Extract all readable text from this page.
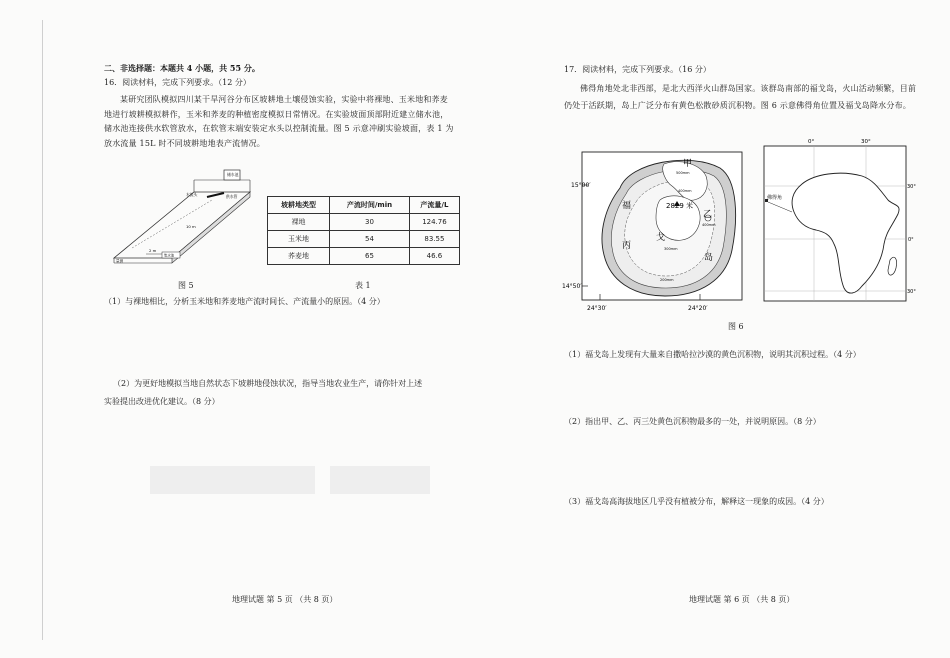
二、非选择题：本题共 4 小题，共 55 分。
16．阅读材料，完成下列要求。（12 分）
某研究团队模拟四川某干旱河谷分布区坡耕地土壤侵蚀实验，实验中将裸地、玉米地和荞麦地进行坡耕模拟耕作，玉米和荞麦的种植密度模拟日常情况。在实验坡面顶部附近建立储水池，储水池连接供水软管放水，在软管末端安装定水头以控制流量。图 5 示意冲刷实验坡面，表 1 为放水流量 15L 时不同坡耕地地表产流情况。
储水池
水流头	供水管
10 m
2 m
集水池
量测
坡耕地类型	产流时间/min	产流量/L
裸地	30	124.76
玉米地	54	83.55
荞麦地	65	46.6
图 5	表 1
（1）与裸地相比，分析玉米地和荞麦地产流时间长、产流量小的原因。（4 分）
（2）为更好地模拟当地自然状态下坡耕地侵蚀状况，指导当地农业生产，请你针对上述
实验提出改进优化建议。（8 分）
地理试题 第 5 页 （共 8 页）
17．阅读材料，完成下列要求。（16 分）
佛得角地处北非西部，是北大西洋火山群岛国家。该群岛南部的福戈岛，火山活动频繁，目前仍处于活跃期，岛上广泛分布有黄色松散砂质沉积物。图 6 示意佛得角位置及福戈岛降水分布。
15°00′
14°50′
24°30′	24°20′
甲
乙
丙
福
戈
岛
2829 米
500mm
400mm
400mm
300mm
200mm
佛得角
0°	30°
30°
0°
30°
图 6
（1）福戈岛上发现有大量来自撒哈拉沙漠的黄色沉积物，说明其沉积过程。（4 分）
（2）指出甲、乙、丙三处黄色沉积物最多的一处，并说明原因。（8 分）
（3）福戈岛高海拔地区几乎没有植被分布，解释这一现象的成因。（4 分）
地理试题 第 6 页 （共 8 页）
